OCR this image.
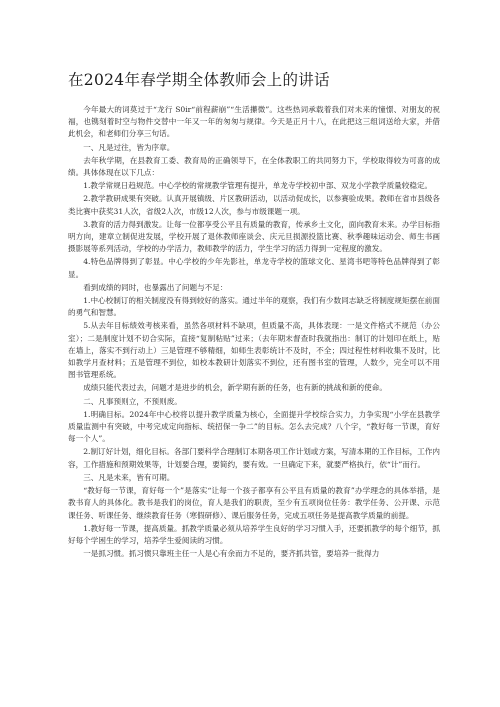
在2024年春学期全体教师会上的讲话

今年最大的词莫过于“龙行 S0ir“前程薪崩”“生活攥微”。这些热词承载着我们对未来的憧憬、对朋友的祝福，也镌刻着时空与物件交替中一年又一年的匆匆与规律。今天是正月十八，在此把这三组词送给大家，并借此机会，和老师们分享三句话。

一、凡是过往，皆为序章。

去年秋学期，在县教育工委、教育局的正确领导下，在全体教职工的共同努力下，学校取得较为可喜的成绩。具体体现在以下几点：

1.教学常规日趋规范。中心学校的常规教学管理有提升，单龙寺学校初中部、双龙小学教学质量较稳定。

2.教学教研成果有突破。认真开展镇级、片区教研活动，以活动促成长，以参赛验成果。教师在省市县级各类比赛中获奖31人次，省级2人次，市级12人次，参与市级课题一项。

3.教育的活力得到激发。让每一位都享受公平且有质量的教育，传承乡土文化，面向教育未来。办学目标指明方向，建章立制促进发展，学校开展了退休教师座谈会、庆元旦损源投篮比赛、秋季趣味运动会、师生书画摄影展等系列活动，学校的办学活力，教师教学的活力，学生学习的活力得到一定程度的激发。

4.特色品牌得到了彰显。中心学校的少年先影社，单龙寺学校的篮球文化、星湾书吧等特色品牌得到了彰显。

看到成绩的同时，也暴露出了问题与不足：

1.中心校制订的相关制度没有得到较好的落实。通过半年的观察，我们有少数同志缺乏将制度规矩摆在前面的勇气和智慧。

5.从去年目标绩效考核来看，虽然各项材料不缺项，但质量不高，具体表现：一是文件格式不规范（办公室）；二是制度计划不切合实际，直接“复制粘贴”过来；（去年期末督查时我就指出：制订的计划印在纸上，贴在墙上，落实不到行动上）三是管理不够精细，如师生表彰统计不及时，不全；四过程性材料收集不及时，比如教学月查材料；五是管理不到位，如校本教研计划落实不到位，还有图书室的管理，人数少，完全可以不用图书管理系统。

成绩只能代表过去，问题才是进步的机会，新学期有新的任务，也有新的挑战和新的使命。

二、凡事预则立，不预则废。

1.明确目标。2024年中心校将以提升教学质量为核心，全面提升学校综合实力，力争实现“小学在县教学质量监测中有突破，中考完成定向指标、统招保一争二”的目标。怎么去完成？八个字，“教好每一节课，育好每一个人”。

2.制订好计划，细化目标。各部门要科学合理制订本期各项工作计划或方案，写清本期的工作目标，工作内容，工作措施和预期效果等，计划要合理，要简约，要有效。一旦确定下来，就要严格执行，依“计”而行。

三、凡是未来，皆有可期。

“教好每一节课，育好每一个”是落实“让每一个孩子都享有公平且有质量的教育”办学理念的具体举措，是教书育人的具体化。教书是我们的岗位，育人是我们的职责，至少有五项岗位任务：教学任务、公开课、示范课任务、听课任务、继续教育任务（寒假研修）、课后服务任务，完成五项任务是提高教学质量的前提。

1.教好每一节课，提高质量。抓教学质量必须从培养学生良好的学习习惯入手，还要抓教学的每个细节，抓好每个学困生的学习，培养学生爱阅读的习惯。

一是抓习惯。抓习惯只靠班主任一人是心有余而力不足的，要齐抓共管，要培养一批得力
